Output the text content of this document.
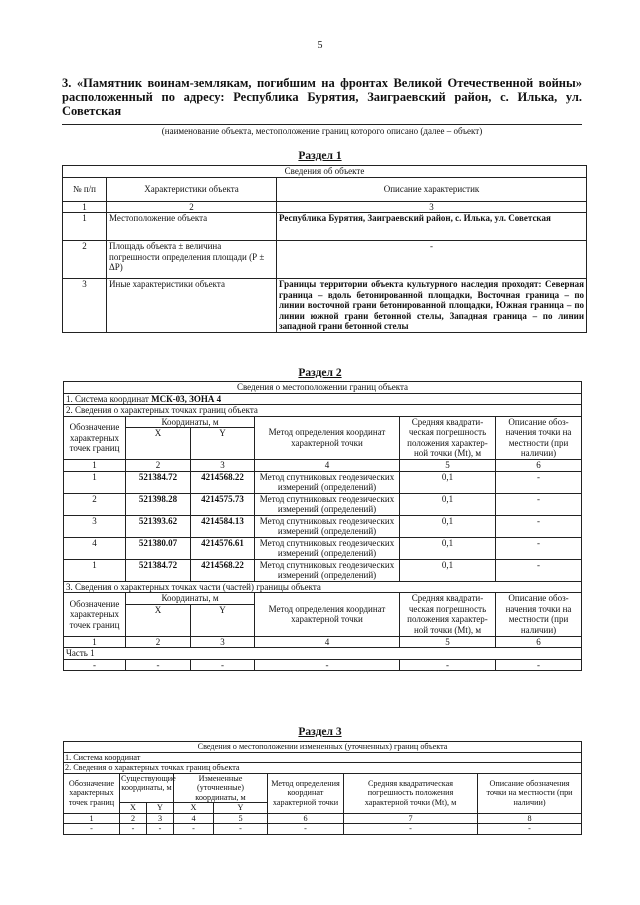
5
3. «Памятник воинам-землякам, погибшим на фронтах Великой Отечественной войны» расположенный по адресу: Республика Бурятия, Заиграевский район, с. Илька, ул. Советская
(наименование объекта, местоположение границ которого описано (далее – объект)
Раздел 1
Сведения об объекте		
№ п/п	Характеристики объекта	Описание характеристик
1	2	3
1	Местоположение объекта	Республика Бурятия, Заиграевский район, с. Илька, ул. Советская
2	Площадь объекта ± величина погрешности определения площади (Р ± ΔР)	-
3	Иные характеристики объекта	Границы территории объекта культурного наследия проходят: Северная граница – вдоль бетонированной площадки, Восточная граница – по линии восточной грани бетонированной площадки, Южная граница – по линии южной грани бетонной стелы, Западная граница – по линии западной грани бетонной стелы
Раздел 2
Сведения о местоположении границ объекта					
1. Система координат МСК-03, ЗОНА 4					
2. Сведения о характерных точках границ объекта					
Обозначение характерных точек границ	Координаты, м		Метод определения координат характерной точки	Средняя квадрати-ческая погрешность положения характер-ной точки (Мt), м	Описание обоз-начения точки на местности (при наличии)
	X	Y			
1	2	3	4	5	6
1	521384.72	4214568.22	Метод спутниковых геодезических измерений (определений)	0,1	-
2	521398.28	4214575.73	Метод спутниковых геодезических измерений (определений)	0,1	-
3	521393.62	4214584.13	Метод спутниковых геодезических измерений (определений)	0,1	-
4	521380.07	4214576.61	Метод спутниковых геодезических измерений (определений)	0,1	-
1	521384.72	4214568.22	Метод спутниковых геодезических измерений (определений)	0,1	-
3. Сведения о характерных точках части (частей) границы объекта					
Обозначение характерных точек границ	Координаты, м		Метод определения координат характерной точки	Средняя квадрати-ческая погрешность положения характер-ной точки (Мt), м	Описание обоз-начения точки на местности (при наличии)
	X	Y			
1	2	3	4	5	6
Часть 1					
-	-	-	-	-	-
Раздел 3
Сведения о местоположении измененных (уточненных) границ объекта							
1. Система координат							
2. Сведения о характерных точках границ объекта							
Обозначение характерных точек границ	Существующие координаты, м		Измененные (уточненные) координаты, м		Метод определения координат характерной точки	Средняя квадратическая погрешность положения характерной точки (Мt), м	Описание обозначения точки на местности (при наличии)
	X	Y	X	Y			
1	2	3	4	5	6	7	8
-	-	-	-	-	-	-	-
